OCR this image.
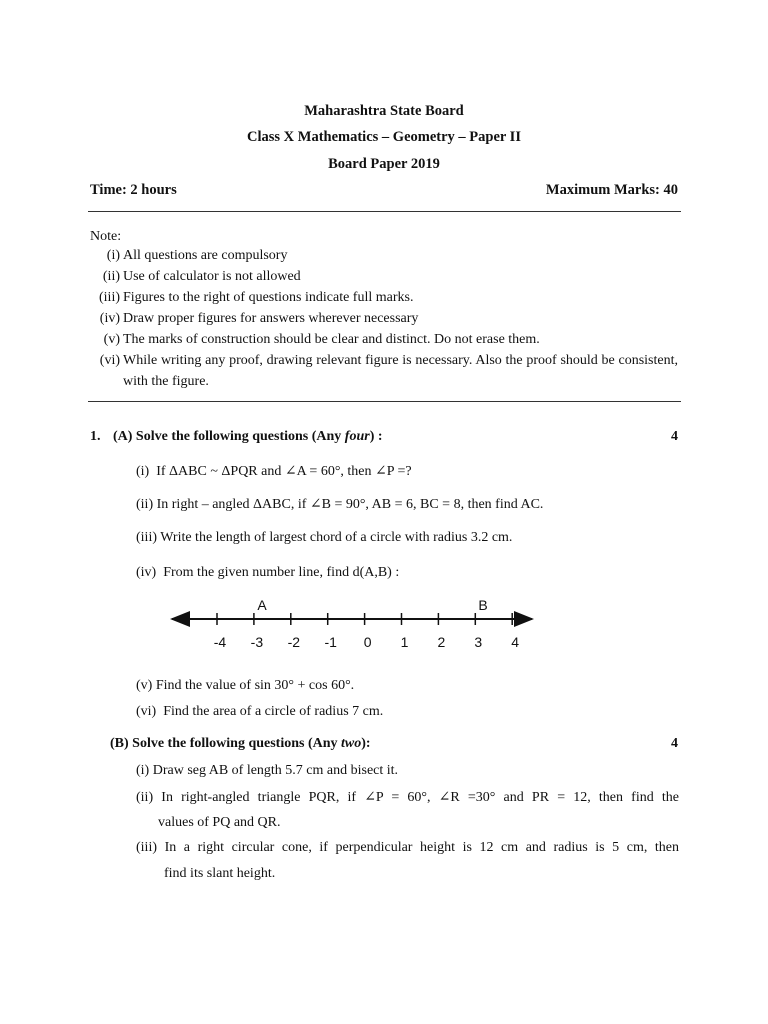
Maharashtra State Board
Class X Mathematics – Geometry – Paper II
Board Paper 2019
Time: 2 hours	Maximum Marks: 40
Note:
(i) All questions are compulsory
(ii) Use of calculator is not allowed
(iii) Figures to the right of questions indicate full marks.
(iv) Draw proper figures for answers wherever necessary
(v) The marks of construction should be clear and distinct. Do not erase them.
(vi) While writing any proof, drawing relevant figure is necessary. Also the proof should be consistent, with the figure.
1. (A) Solve the following questions (Any four) :	4
(i) If ΔABC ~ ΔPQR and ∠A = 60°, then ∠P =?
(ii) In right – angled ΔABC, if ∠B = 90°, AB = 6, BC = 8, then find AC.
(iii) Write the length of largest chord of a circle with radius 3.2 cm.
(iv) From the given number line, find d(A,B) :
-4 -3 -2 -1 0 1 2 3 4
A	B
(v) Find the value of sin 30° + cos 60°.
(vi) Find the area of a circle of radius 7 cm.
(B) Solve the following questions (Any two):	4
(i) Draw seg AB of length 5.7 cm and bisect it.
(ii) In right-angled triangle PQR, if ∠P = 60°, ∠R =30° and PR = 12, then find the
values of PQ and QR.
(iii) In a right circular cone, if perpendicular height is 12 cm and radius is 5 cm, then
find its slant height.
